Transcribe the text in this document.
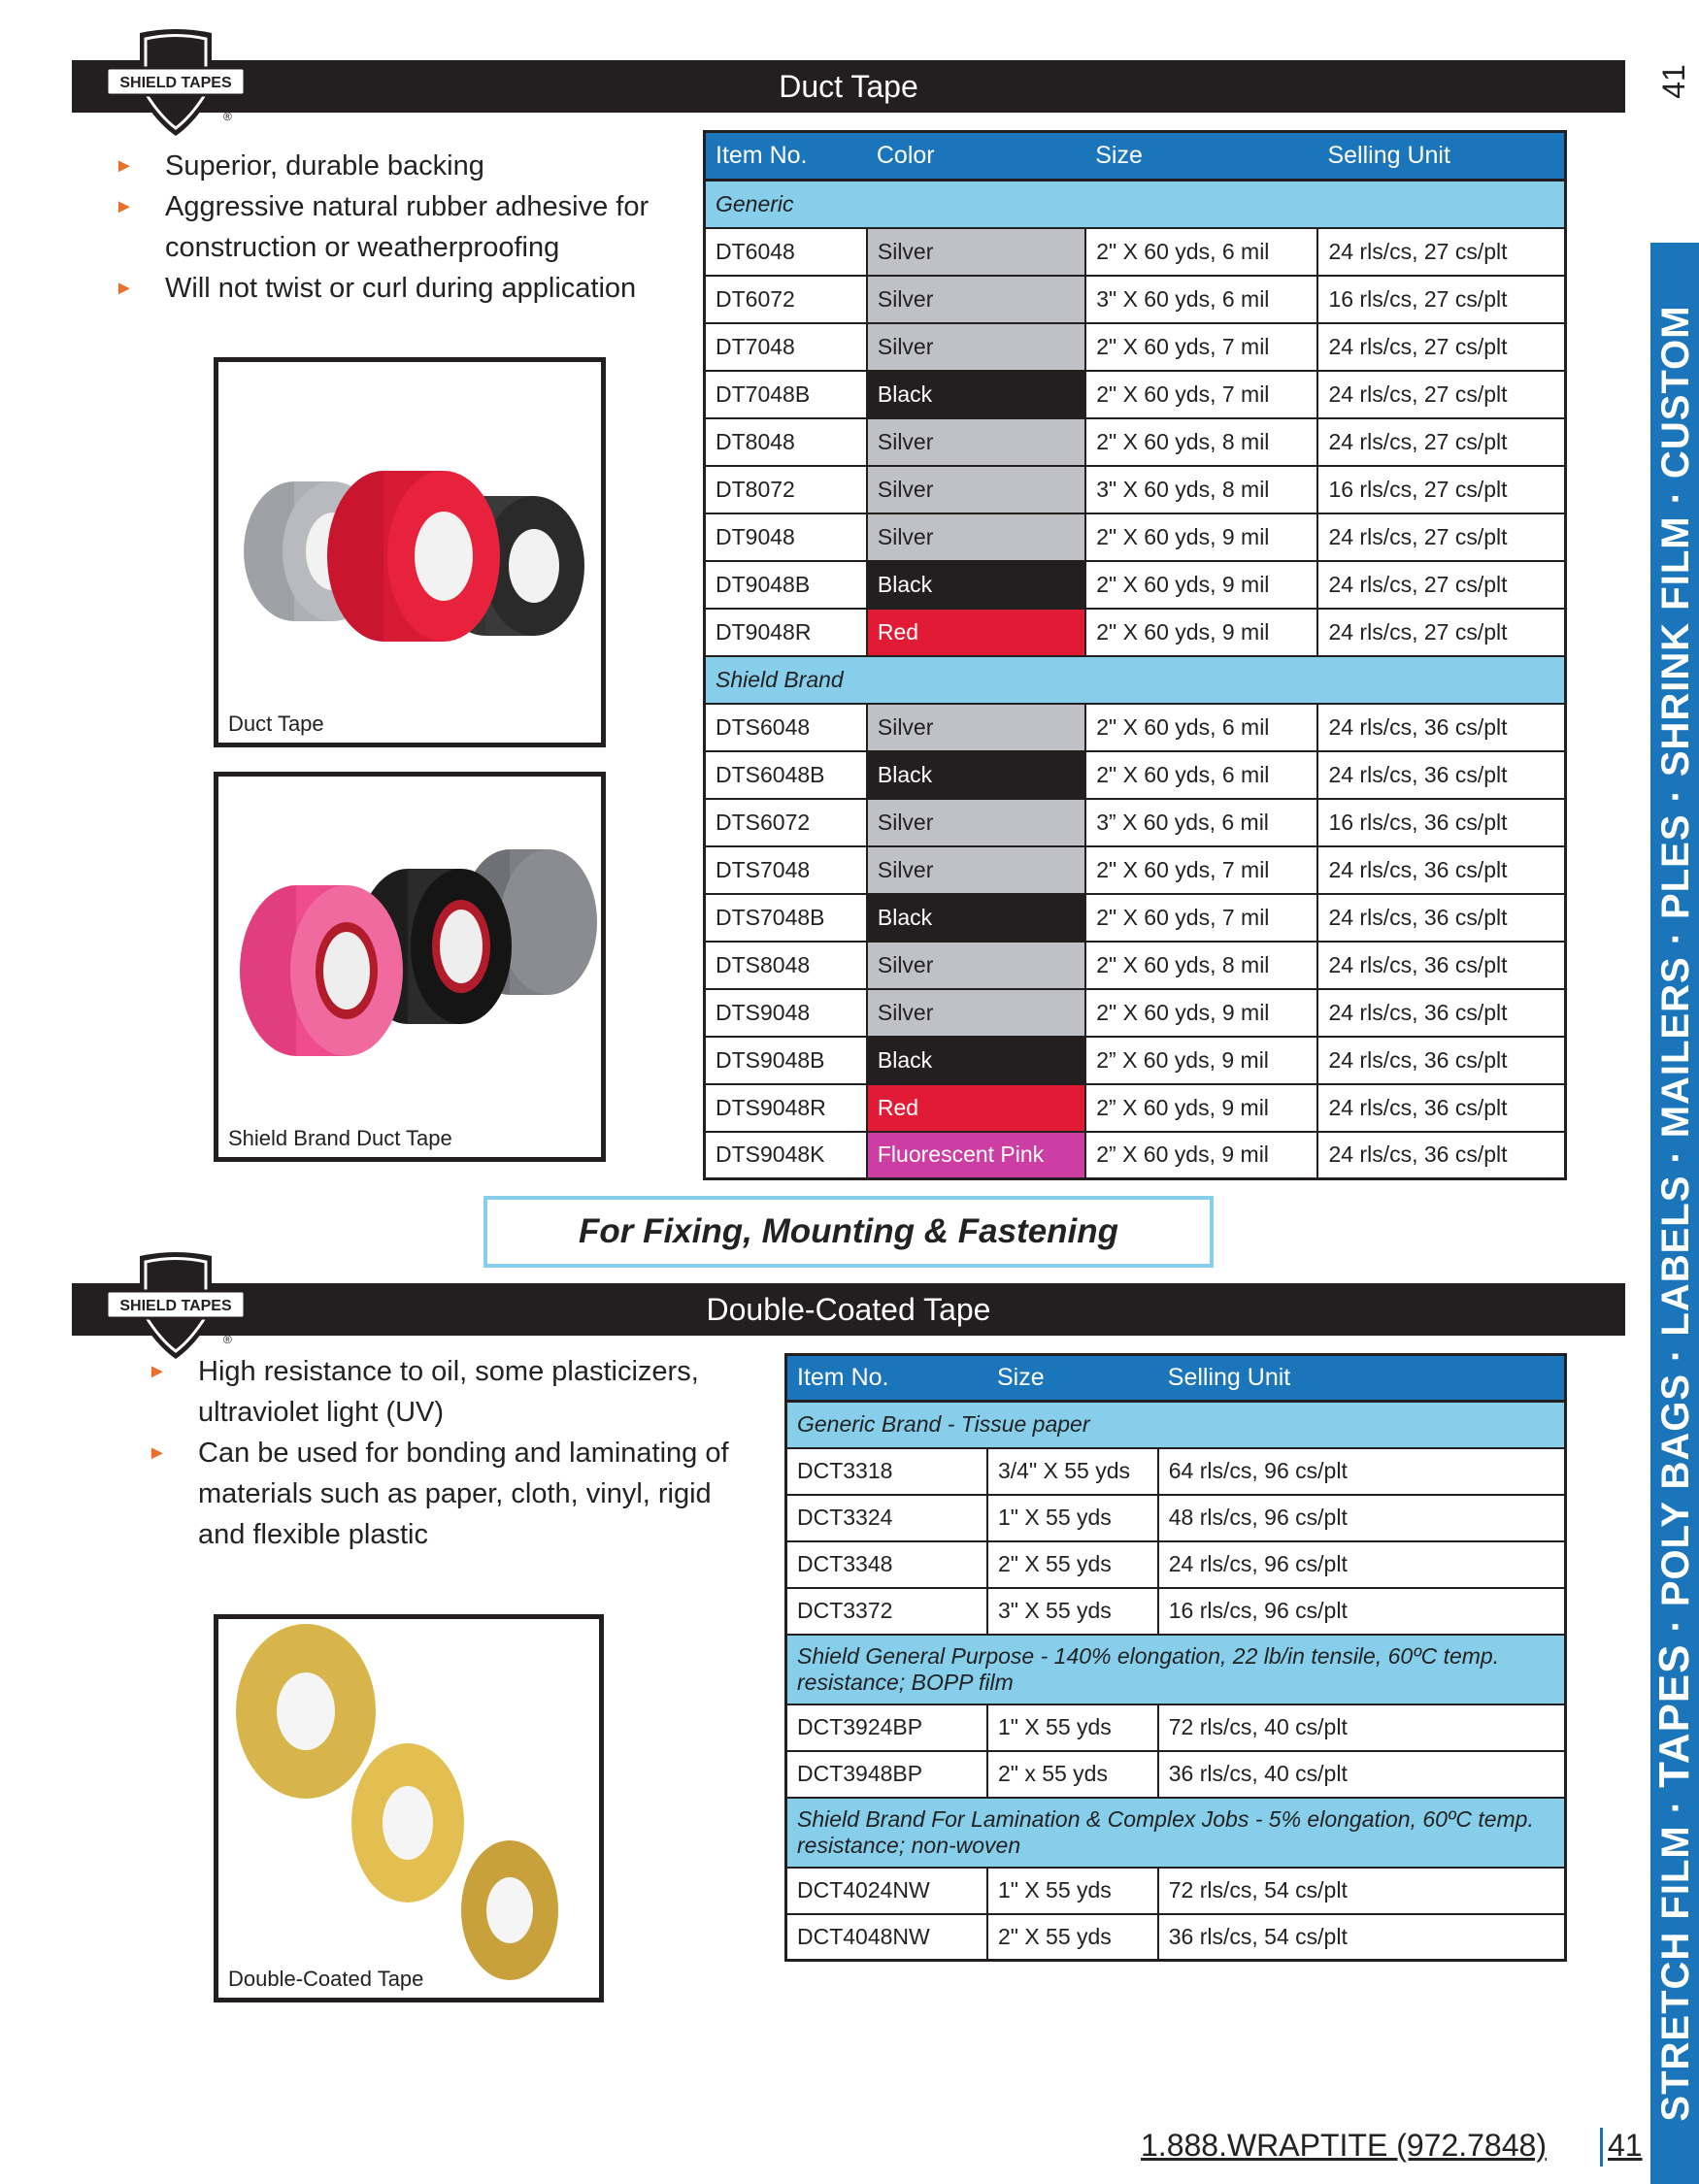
Duct Tape
SHIELD TAPES
®
► Superior, durable backing
► Aggressive natural rubber adhesive for construction or weatherproofing
► Will not twist or curl during application
Duct Tape
Shield Brand Duct Tape
Item No.	Color	Size	Selling Unit
Generic			
DT6048	Silver	2" X 60 yds, 6 mil	24 rls/cs, 27 cs/plt
DT6072	Silver	3" X 60 yds, 6 mil	16 rls/cs, 27 cs/plt
DT7048	Silver	2" X 60 yds, 7 mil	24 rls/cs, 27 cs/plt
DT7048B	Black	2" X 60 yds, 7 mil	24 rls/cs, 27 cs/plt
DT8048	Silver	2" X 60 yds, 8 mil	24 rls/cs, 27 cs/plt
DT8072	Silver	3" X 60 yds, 8 mil	16 rls/cs, 27 cs/plt
DT9048	Silver	2" X 60 yds, 9 mil	24 rls/cs, 27 cs/plt
DT9048B	Black	2" X 60 yds, 9 mil	24 rls/cs, 27 cs/plt
DT9048R	Red	2" X 60 yds, 9 mil	24 rls/cs, 27 cs/plt
Shield Brand			
DTS6048	Silver	2" X 60 yds, 6 mil	24 rls/cs, 36 cs/plt
DTS6048B	Black	2" X 60 yds, 6 mil	24 rls/cs, 36 cs/plt
DTS6072	Silver	3” X 60 yds, 6 mil	16 rls/cs, 36 cs/plt
DTS7048	Silver	2" X 60 yds, 7 mil	24 rls/cs, 36 cs/plt
DTS7048B	Black	2" X 60 yds, 7 mil	24 rls/cs, 36 cs/plt
DTS8048	Silver	2" X 60 yds, 8 mil	24 rls/cs, 36 cs/plt
DTS9048	Silver	2" X 60 yds, 9 mil	24 rls/cs, 36 cs/plt
DTS9048B	Black	2” X 60 yds, 9 mil	24 rls/cs, 36 cs/plt
DTS9048R	Red	2” X 60 yds, 9 mil	24 rls/cs, 36 cs/plt
DTS9048K	Fluorescent Pink	2” X 60 yds, 9 mil	24 rls/cs, 36 cs/plt
For Fixing, Mounting & Fastening
Double-Coated Tape
SHIELD TAPES
®
► High resistance to oil, some plasticizers, ultraviolet light (UV)
► Can be used for bonding and laminating of materials such as paper, cloth, vinyl, rigid and flexible plastic
Double-Coated Tape
Item No.	Size	Selling Unit
Generic Brand - Tissue paper		
DCT3318	3/4" X 55 yds	64 rls/cs, 96 cs/plt
DCT3324	1" X 55 yds	48 rls/cs, 96 cs/plt
DCT3348	2" X 55 yds	24 rls/cs, 96 cs/plt
DCT3372	3" X 55 yds	16 rls/cs, 96 cs/plt
Shield General Purpose - 140% elongation, 22 lb/in tensile, 60ºC temp. resistance; BOPP film		
DCT3924BP	1" X 55 yds	72 rls/cs, 40 cs/plt
DCT3948BP	2" x 55 yds	36 rls/cs, 40 cs/plt
Shield Brand For Lamination & Complex Jobs - 5% elongation, 60ºC temp. resistance; non-woven		
DCT4024NW	1" X 55 yds	72 rls/cs, 54 cs/plt
DCT4048NW	2" X 55 yds	36 rls/cs, 54 cs/plt
41
STRETCH FILM·TAPES·POLY BAGS·LABELS·MAILERS·PLES·SHRINK FILM·CUSTOM
1.888.WRAPTITE (972.7848) 41
